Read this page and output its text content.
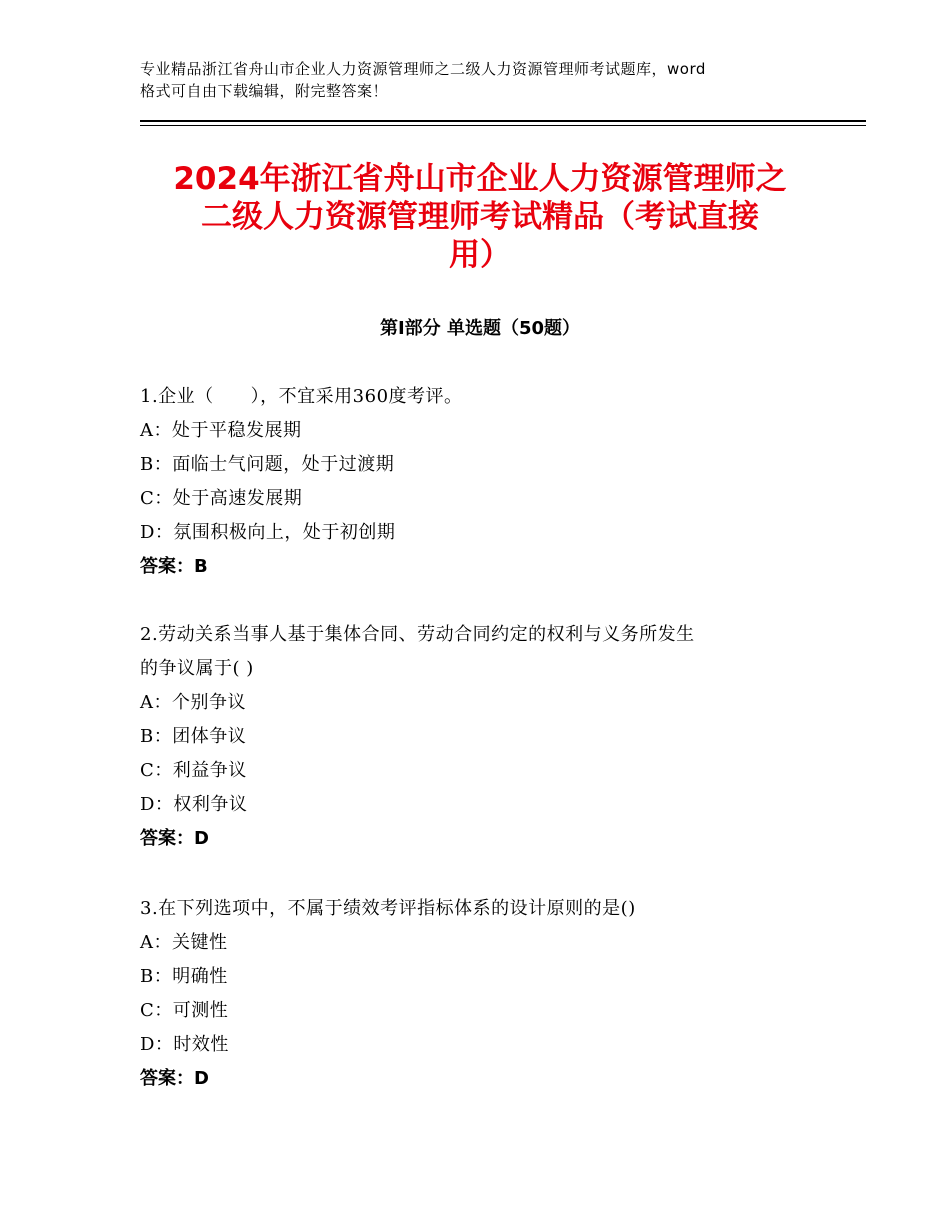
专业精品浙江省舟山市企业人力资源管理师之二级人力资源管理师考试题库，word
格式可自由下载编辑，附完整答案！
2024年浙江省舟山市企业人力资源管理师之
二级人力资源管理师考试精品（考试直接
用）
第Ⅰ部分 单选题（50题）
1.企业（　　），不宜采用360度考评。
A：处于平稳发展期
B：面临士气问题，处于过渡期
C：处于高速发展期
D：氛围积极向上，处于初创期
答案：B
2.劳动关系当事人基于集体合同、劳动合同约定的权利与义务所发生
的争议属于( )
A：个别争议
B：团体争议
C：利益争议
D：权利争议
答案：D
3.在下列选项中，不属于绩效考评指标体系的设计原则的是()
A：关键性
B：明确性
C：可测性
D：时效性
答案：D
